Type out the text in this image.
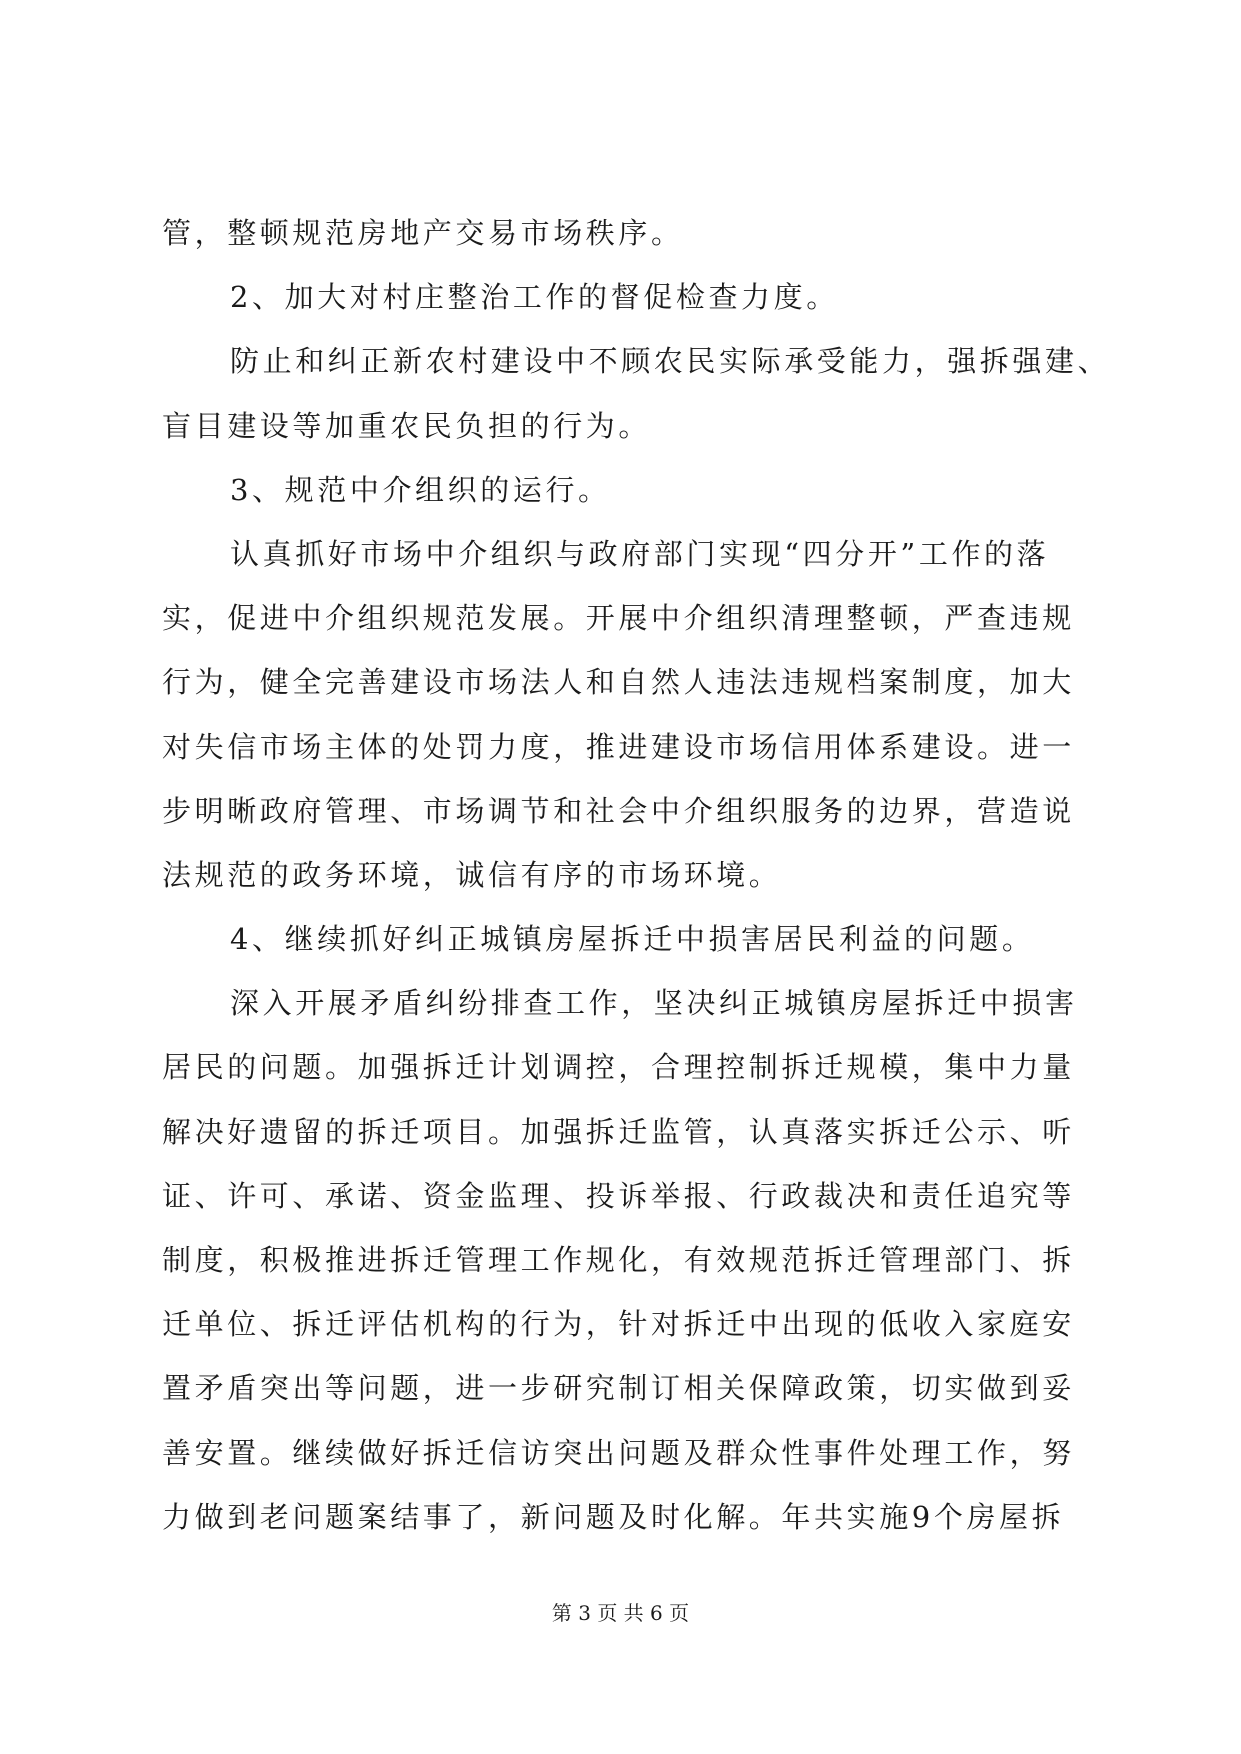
管，整顿规范房地产交易市场秩序。
2、加大对村庄整治工作的督促检查力度。
防止和纠正新农村建设中不顾农民实际承受能力，强拆强建、
盲目建设等加重农民负担的行为。
3、规范中介组织的运行。
认真抓好市场中介组织与政府部门实现“四分开”工作的落
实，促进中介组织规范发展。开展中介组织清理整顿，严查违规
行为，健全完善建设市场法人和自然人违法违规档案制度，加大
对失信市场主体的处罚力度，推进建设市场信用体系建设。进一
步明晰政府管理、市场调节和社会中介组织服务的边界，营造说
法规范的政务环境，诚信有序的市场环境。
4、继续抓好纠正城镇房屋拆迁中损害居民利益的问题。
深入开展矛盾纠纷排查工作，坚决纠正城镇房屋拆迁中损害
居民的问题。加强拆迁计划调控，合理控制拆迁规模，集中力量
解决好遗留的拆迁项目。加强拆迁监管，认真落实拆迁公示、听
证、许可、承诺、资金监理、投诉举报、行政裁决和责任追究等
制度，积极推进拆迁管理工作规化，有效规范拆迁管理部门、拆
迁单位、拆迁评估机构的行为，针对拆迁中出现的低收入家庭安
置矛盾突出等问题，进一步研究制订相关保障政策，切实做到妥
善安置。继续做好拆迁信访突出问题及群众性事件处理工作，努
力做到老问题案结事了，新问题及时化解。年共实施9个房屋拆
第 3 页 共 6 页
